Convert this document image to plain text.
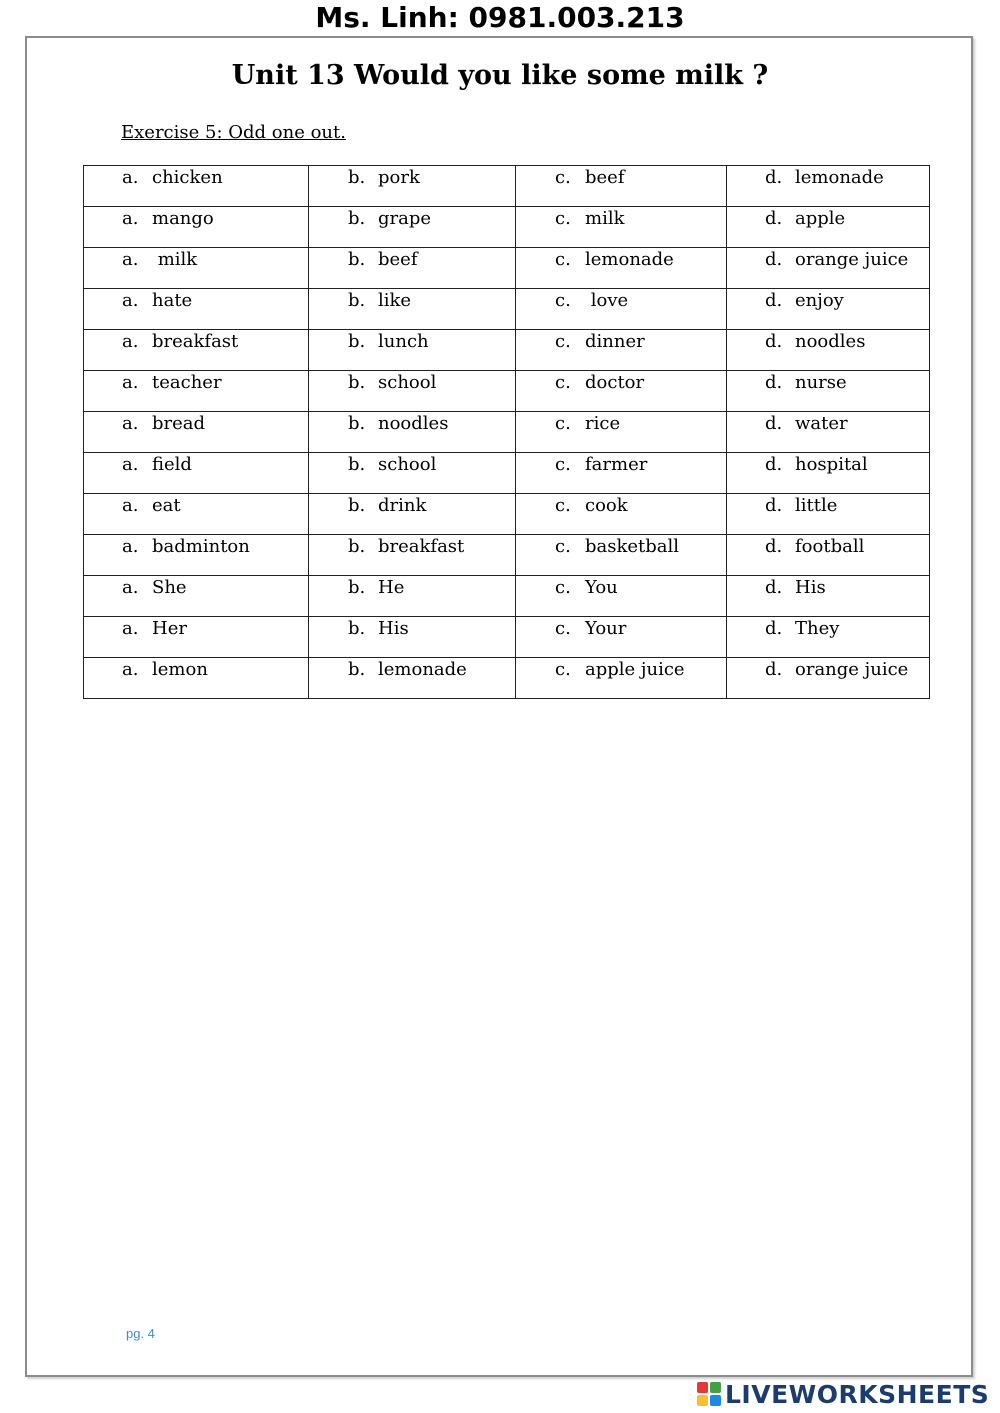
Ms. Linh: 0981.003.213
Unit 13 Would you like some milk ?
Exercise 5: Odd one out.
a. chicken	b. pork	c. beef	d. lemonade

a. mango	b. grape	c. milk	d. apple

a. milk	b. beef	c. lemonade	d. orange juice

a. hate	b. like	c. love	d. enjoy

a. breakfast	b. lunch	c. dinner	d. noodles

a. teacher	b. school	c. doctor	d. nurse

a. bread	b. noodles	c. rice	d. water

a. field	b. school	c. farmer	d. hospital

a. eat	b. drink	c. cook	d. little

a. badminton	b. breakfast	c. basketball	d. football

a. She	b. He	c. You	d. His

a. Her	b. His	c. Your	d. They

a. lemon	b. lemonade	c. apple juice	d. orange juice
pg. 4
LIVEWORKSHEETS
